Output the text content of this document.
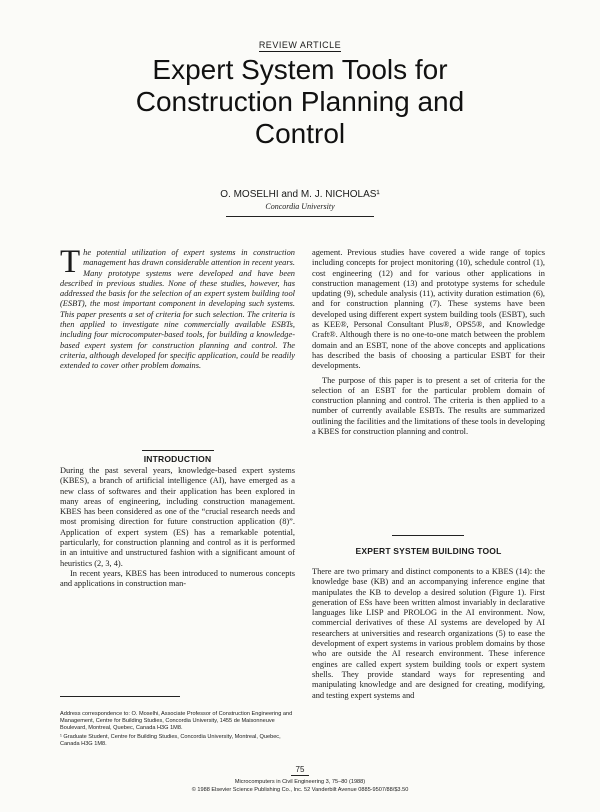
REVIEW ARTICLE
Expert System Tools for Construction Planning and Control
O. MOSELHI and M. J. NICHOLAS¹
Concordia University
The potential utilization of expert systems in construction management has drawn considerable attention in recent years. Many prototype systems were developed and have been described in previous studies. None of these studies, however, has addressed the basis for the selection of an expert system building tool (ESBT), the most important component in developing such systems. This paper presents a set of criteria for such selection. The criteria is then applied to investigate nine commercially available ESBTs, including four microcomputer-based tools, for building a knowledge-based expert system for construction planning and control. The criteria, although developed for specific application, could be readily extended to cover other problem domains.
INTRODUCTION

During the past several years, knowledge-based expert systems (KBES), a branch of artificial intelligence (AI), have emerged as a new class of softwares and their application has been explored in many areas of engineering, including construction management. KBES has been considered as one of the “crucial research needs and most promising direction for future construction application (8)”. Application of expert system (ES) has a remarkable potential, particularly, for construction planning and control as it is performed in an intuitive and unstructured fashion with a significant amount of heuristics (2, 3, 4).

In recent years, KBES has been introduced to numerous concepts and applications in construction man-

Address correspondence to: O. Moselhi, Associate Professor of Construction Engineering and Management, Centre for Building Studies, Concordia University, 1455 de Maisonneuve Boulevard, Montreal, Quebec, Canada H3G 1M8.

¹ Graduate Student, Centre for Building Studies, Concordia University, Montreal, Quebec, Canada H3G 1M8.

agement. Previous studies have covered a wide range of topics including concepts for project monitoring (10), schedule control (1), cost engineering (12) and for various other applications in construction management (13) and prototype systems for schedule updating (9), schedule analysis (11), activity duration estimation (6), and for construction planning (7). These systems have been developed using different expert system building tools (ESBT), such as KEE®, Personal Consultant Plus®, OPS5®, and Knowledge Craft®. Although there is no one-to-one match between the problem domain and an ESBT, none of the above concepts and applications has described the basis of choosing a particular ESBT for their developments.

The purpose of this paper is to present a set of criteria for the selection of an ESBT for the particular problem domain of construction planning and control. The criteria is then applied to a number of currently available ESBTs. The results are summarized outlining the facilities and the limitations of these tools in developing a KBES for construction planning and control.

EXPERT SYSTEM BUILDING TOOL

There are two primary and distinct components to a KBES (14): the knowledge base (KB) and an accompanying inference engine that manipulates the KB to develop a desired solution (Figure 1). First generation of ESs have been written almost invariably in declarative languages like LISP and PROLOG in the AI environment. Now, commercial derivatives of these AI systems are developed by AI researchers at universities and research organizations (5) to ease the development of expert systems in various problem domains by those who are outside the AI research environment. These inference engines are called expert system building tools or expert system shells. They provide standard ways for representing and manipulating knowledge and are designed for creating, modifying, and testing expert systems and

75
Microcomputers in Civil Engineering 3, 75–80 (1988)
© 1988 Elsevier Science Publishing Co., Inc. 52 Vanderbilt Avenue 0885-9507/88/$3.50
